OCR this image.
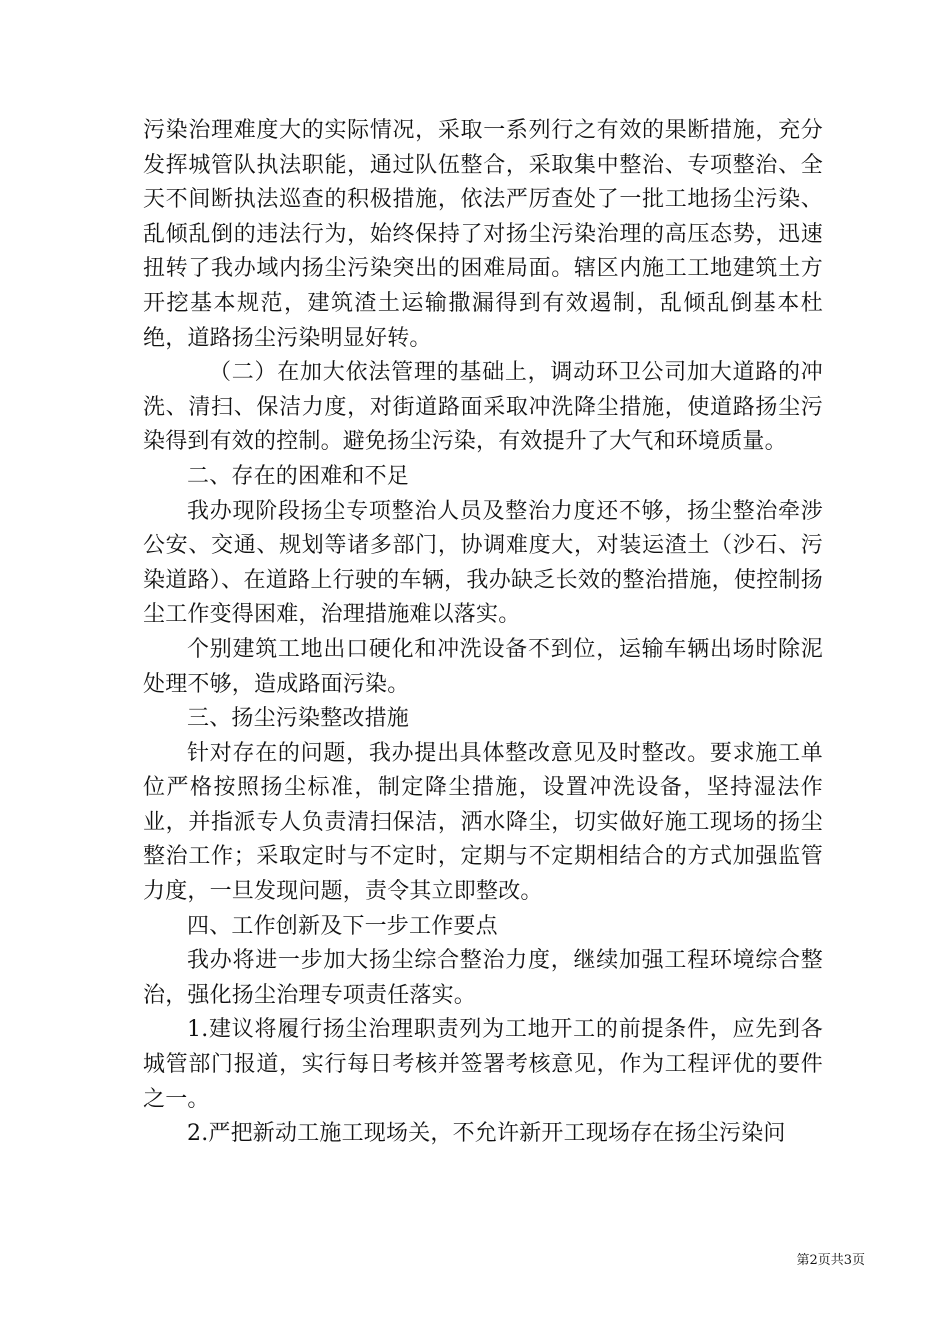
污染治理难度大的实际情况，采取一系列行之有效的果断措施，充分发挥城管队执法职能，通过队伍整合，采取集中整治、专项整治、全天不间断执法巡查的积极措施，依法严厉查处了一批工地扬尘污染、乱倾乱倒的违法行为，始终保持了对扬尘污染治理的高压态势，迅速扭转了我办域内扬尘污染突出的困难局面。辖区内施工工地建筑土方开挖基本规范，建筑渣土运输撒漏得到有效遏制，乱倾乱倒基本杜绝，道路扬尘污染明显好转。

（二）在加大依法管理的基础上，调动环卫公司加大道路的冲洗、清扫、保洁力度，对街道路面采取冲洗降尘措施，使道路扬尘污染得到有效的控制。避免扬尘污染，有效提升了大气和环境质量。

二、存在的困难和不足

我办现阶段扬尘专项整治人员及整治力度还不够，扬尘整治牵涉公安、交通、规划等诸多部门，协调难度大，对装运渣土（沙石、污染道路）、在道路上行驶的车辆，我办缺乏长效的整治措施，使控制扬尘工作变得困难，治理措施难以落实。

个别建筑工地出口硬化和冲洗设备不到位，运输车辆出场时除泥处理不够，造成路面污染。

三、扬尘污染整改措施

针对存在的问题，我办提出具体整改意见及时整改。要求施工单位严格按照扬尘标准，制定降尘措施，设置冲洗设备，坚持湿法作业，并指派专人负责清扫保洁，洒水降尘，切实做好施工现场的扬尘整治工作；采取定时与不定时，定期与不定期相结合的方式加强监管力度，一旦发现问题，责令其立即整改。

四、工作创新及下一步工作要点

我办将进一步加大扬尘综合整治力度，继续加强工程环境综合整治，强化扬尘治理专项责任落实。

1.建议将履行扬尘治理职责列为工地开工的前提条件，应先到各城管部门报道，实行每日考核并签署考核意见，作为工程评优的要件之一。

2.严把新动工施工现场关，不允许新开工现场存在扬尘污染问

第2页共3页
